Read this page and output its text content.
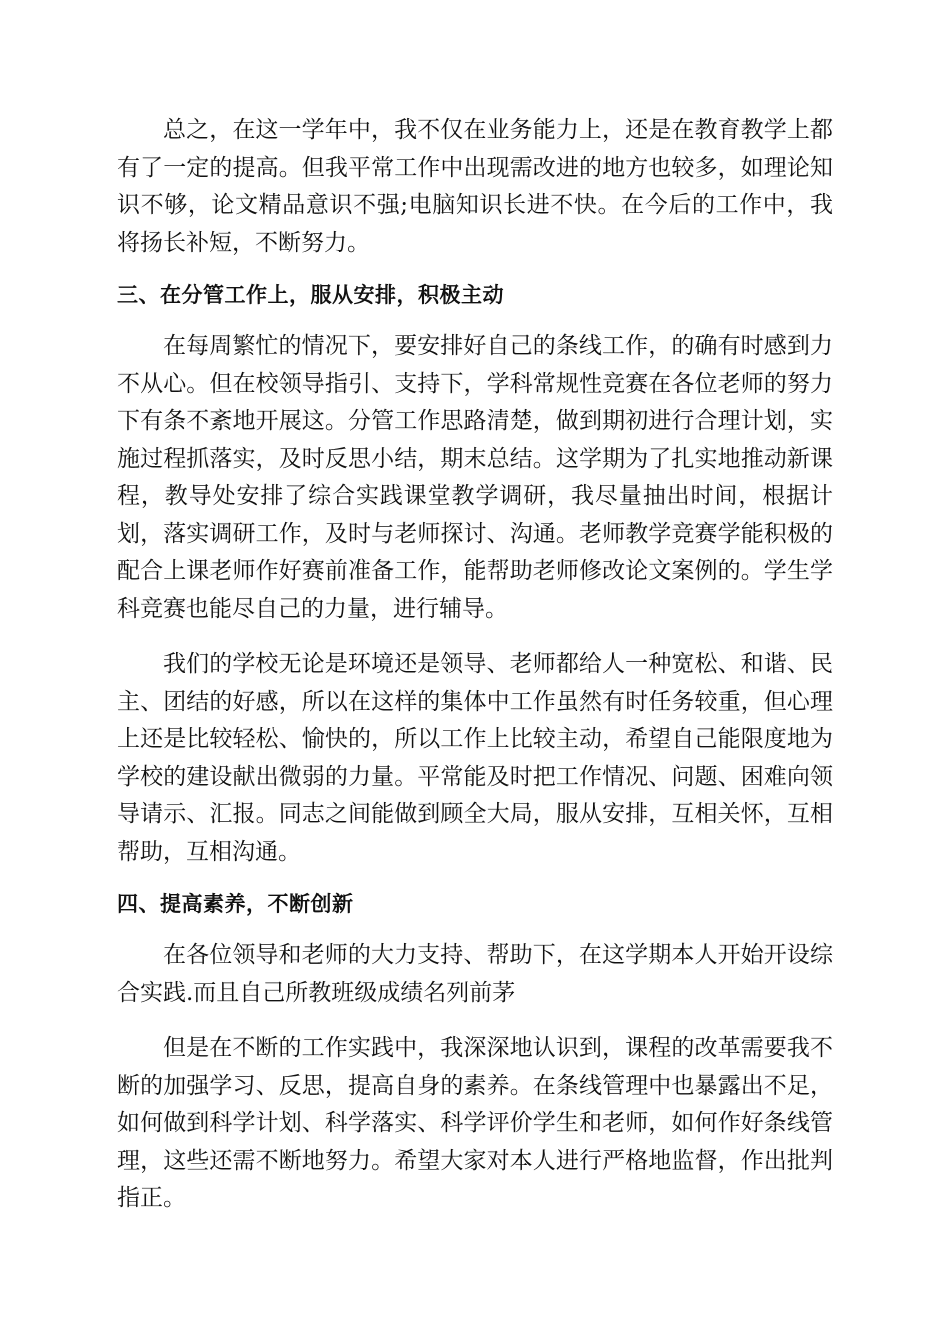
总之，在这一学年中，我不仅在业务能力上，还是在教育教学上都有了一定的提高。但我平常工作中出现需改进的地方也较多，如理论知识不够，论文精品意识不强;电脑知识长进不快。在今后的工作中，我将扬长补短，不断努力。

三、在分管工作上，服从安排，积极主动

在每周繁忙的情况下，要安排好自己的条线工作，的确有时感到力不从心。但在校领导指引、支持下，学科常规性竞赛在各位老师的努力下有条不紊地开展这。分管工作思路清楚，做到期初进行合理计划，实施过程抓落实，及时反思小结，期末总结。这学期为了扎实地推动新课程，教导处安排了综合实践课堂教学调研，我尽量抽出时间，根据计划，落实调研工作，及时与老师探讨、沟通。老师教学竞赛学能积极的配合上课老师作好赛前准备工作，能帮助老师修改论文案例的。学生学科竞赛也能尽自己的力量，进行辅导。

我们的学校无论是环境还是领导、老师都给人一种宽松、和谐、民主、团结的好感，所以在这样的集体中工作虽然有时任务较重，但心理上还是比较轻松、愉快的，所以工作上比较主动，希望自己能限度地为学校的建设献出微弱的力量。平常能及时把工作情况、问题、困难向领导请示、汇报。同志之间能做到顾全大局，服从安排，互相关怀，互相帮助，互相沟通。

四、提高素养，不断创新

在各位领导和老师的大力支持、帮助下，在这学期本人开始开设综合实践.而且自己所教班级成绩名列前茅

但是在不断的工作实践中，我深深地认识到，课程的改革需要我不断的加强学习、反思，提高自身的素养。在条线管理中也暴露出不足，如何做到科学计划、科学落实、科学评价学生和老师，如何作好条线管理，这些还需不断地努力。希望大家对本人进行严格地监督，作出批判指正。
